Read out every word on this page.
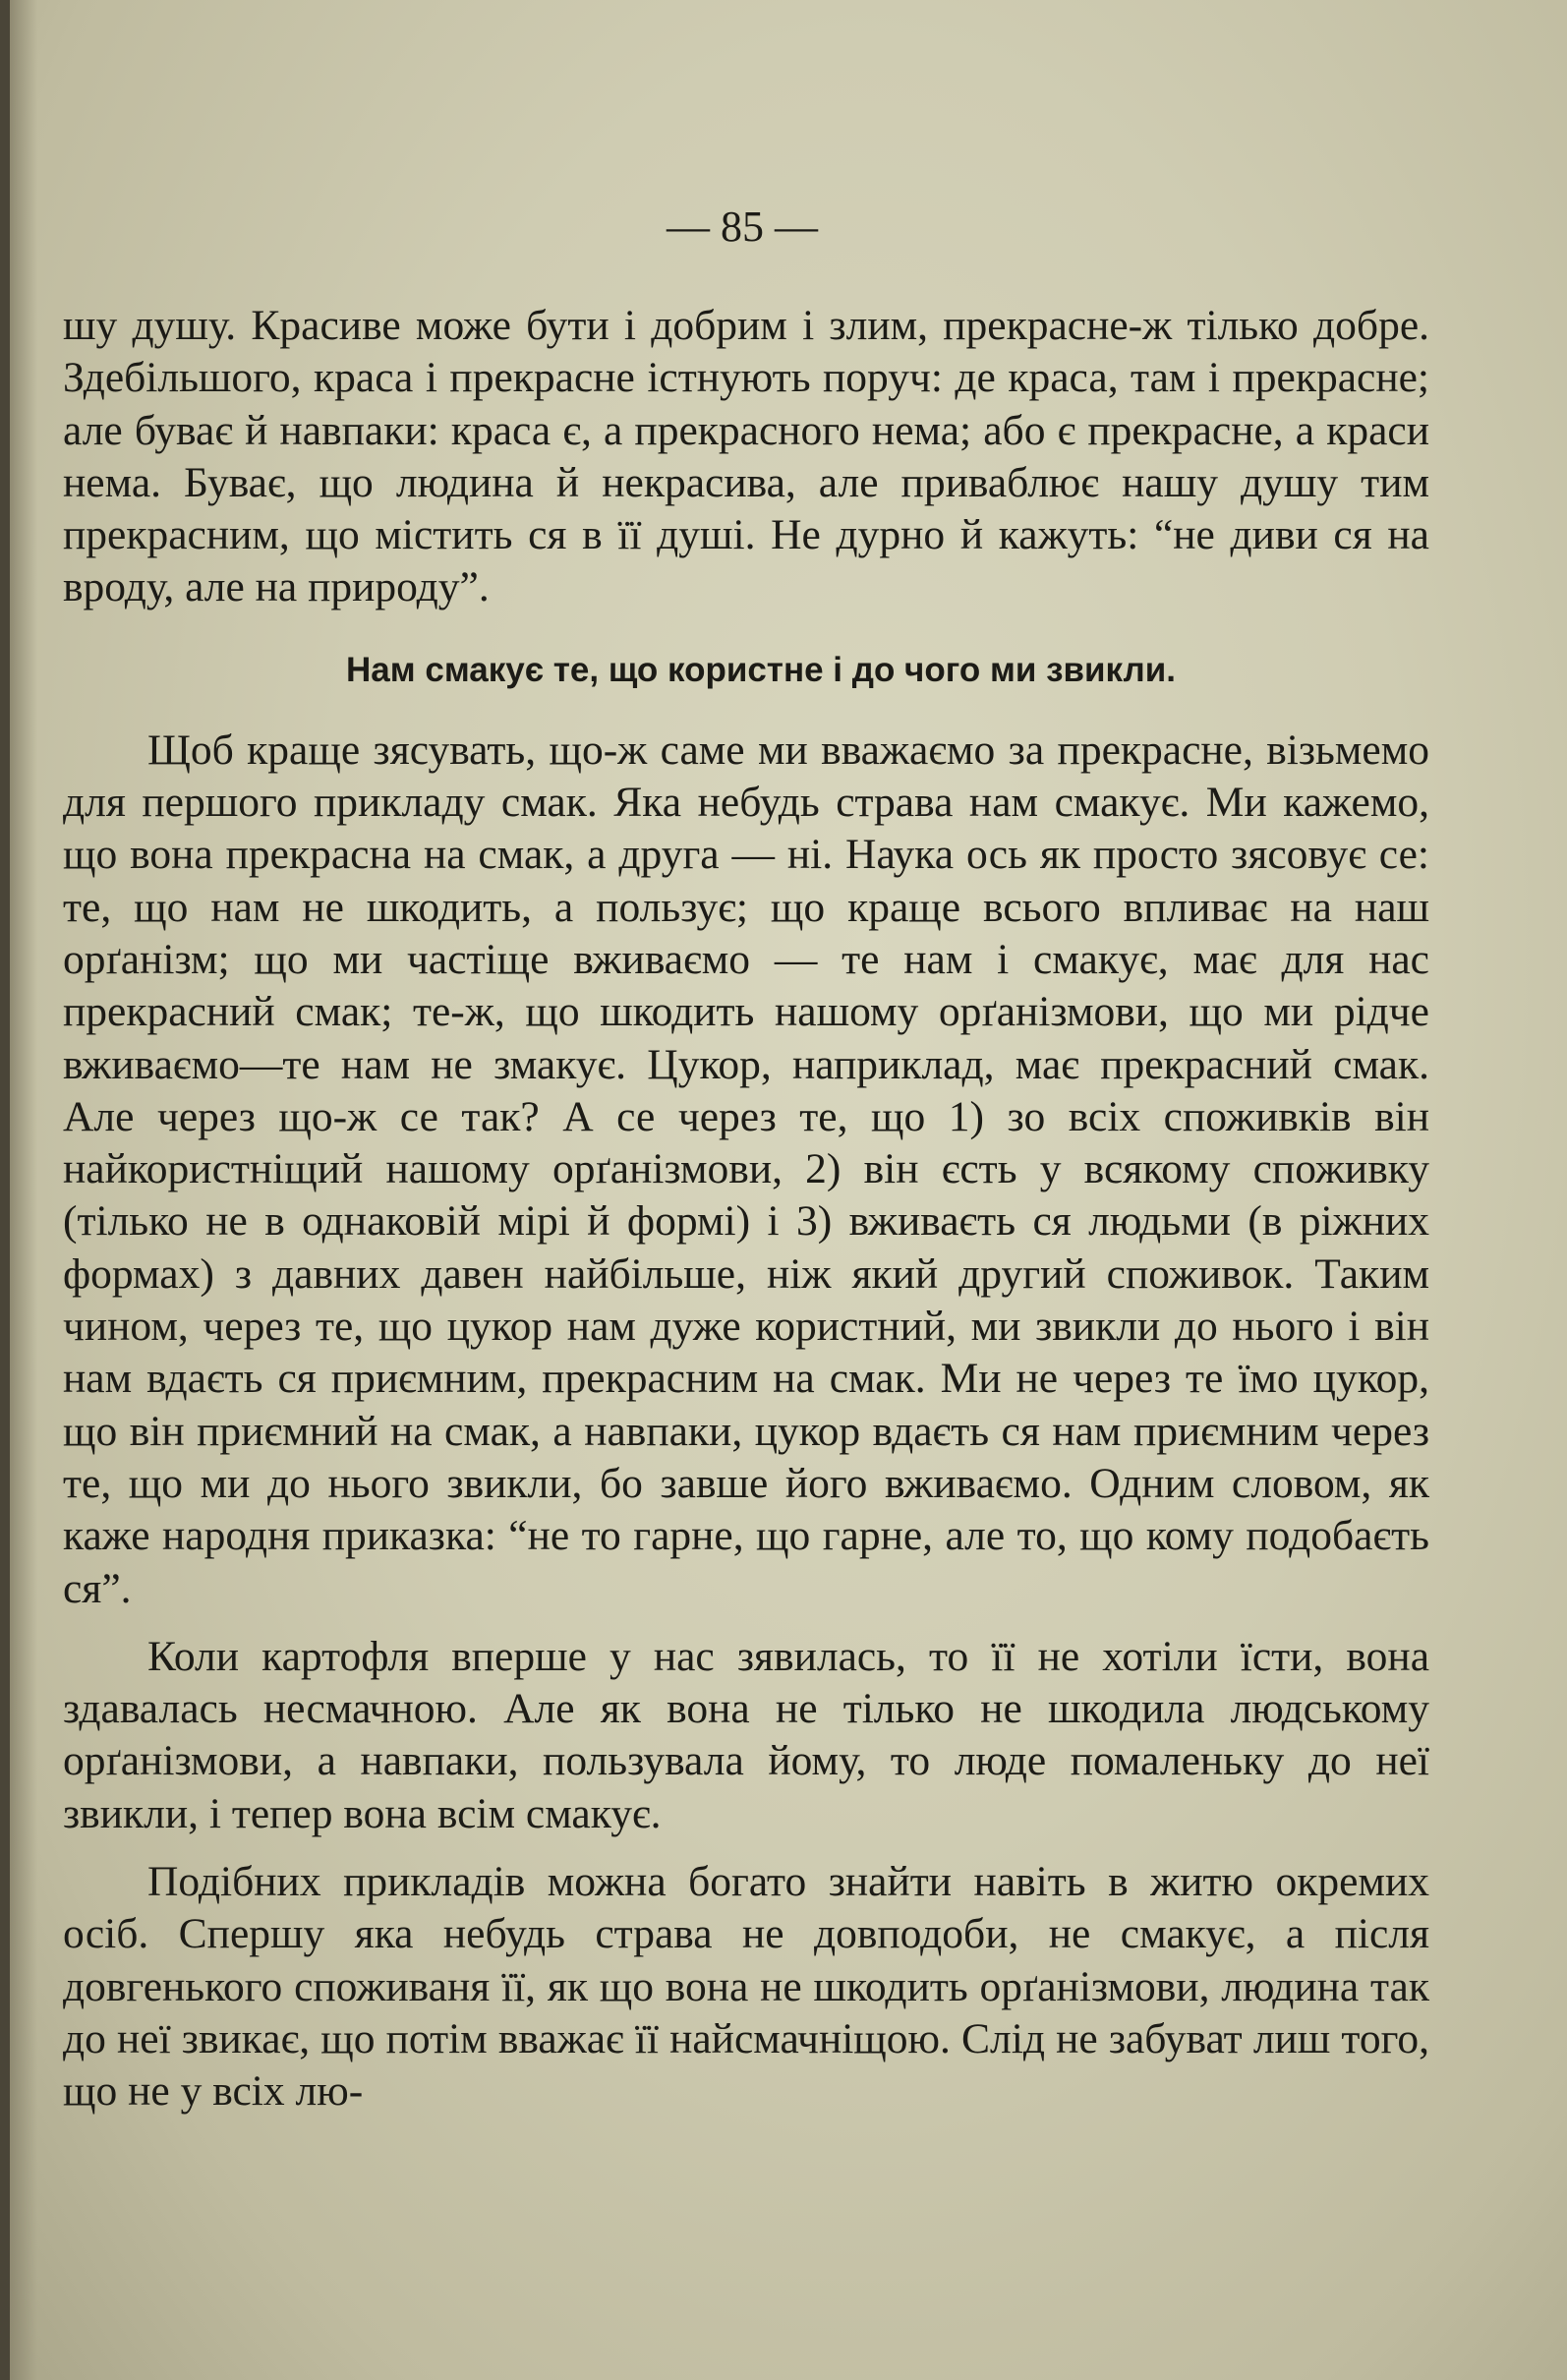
— 85 —

шу душу. Красиве може бути і добрим і злим, прекрасне-ж тілько добре. Здебільшого, краса і прекрасне істнують поруч: де краса, там і прекрасне; але буває й навпаки: краса є, а прекрасного нема; або є прекрасне, а краси нема. Буває, що людина й некрасива, але приваблює нашу душу тим прекрасним, що містить ся в її душі. Не дурно й кажуть: “не диви ся на вроду, але на природу”.

Нам смакує те, що користне і до чого ми звикли.

Щоб краще зясувать, що-ж саме ми вважаємо за прекрасне, візьмемо для першого прикладу смак. Яка небудь страва нам смакує. Ми кажемо, що вона прекрасна на смак, а друга — ні. Наука ось як просто зясовує се: те, що нам не шкодить, а пользує; що краще всього впливає на наш орґанізм; що ми частіще вживаємо — те нам і смакує, має для нас прекрасний смак; те-ж, що шкодить нашому орґанізмови, що ми рідче вживаємо—те нам не змакує. Цукор, наприклад, має прекрасний смак. Але через що-ж се так? А се через те, що 1) зо всіх споживків він найкористніщий нашому орґанізмови, 2) він єсть у всякому споживку (тілько не в однаковій мірі й формі) і 3) вживаєть ся людьми (в ріжних формах) з давних давен найбільше, ніж який другий споживок. Таким чином, через те, що цукор нам дуже користний, ми звикли до нього і він нам вдаєть ся приємним, прекрасним на смак. Ми не через те їмо цукор, що він приємний на смак, а навпаки, цукор вдаєть ся нам приємним через те, що ми до нього звикли, бо завше його вживаємо. Одним словом, як каже народня приказка: “не то гарне, що гарне, але то, що кому подобаєть ся”.

Коли картофля вперше у нас зявилась, то її не хотіли їсти, вона здавалась несмачною. Але як вона не тілько не шкодила людському орґанізмови, а навпаки, пользувала йому, то люде помаленьку до неї звикли, і тепер вона всім смакує.

Подібних прикладів можна богато знайти навіть в житю окремих осіб. Спершу яка небудь страва не довподоби, не смакує, а після довгенького споживаня її, як що вона не шкодить орґанізмови, людина так до неї звикає, що потім вважає її найсмачніщою. Слід не забуват лиш того, що не у всіх лю-
